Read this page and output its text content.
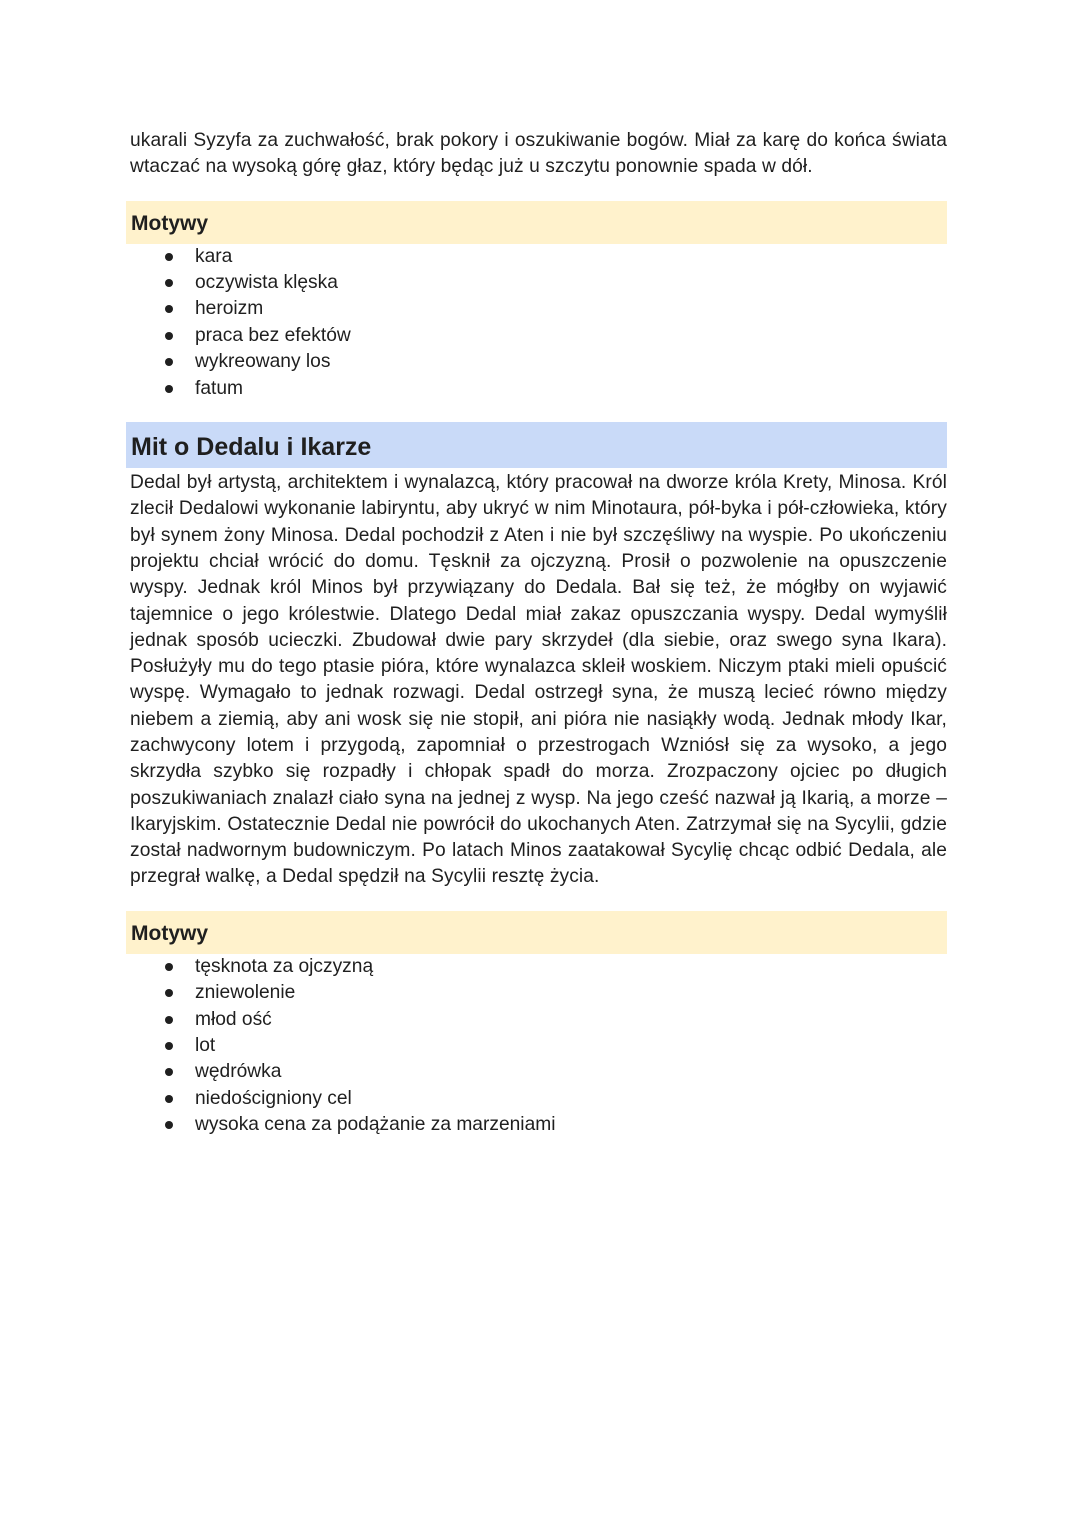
ukarali Syzyfa za zuchwałość, brak pokory i oszukiwanie bogów. Miał za karę do końca świata wtaczać na wysoką górę głaz, który będąc już u szczytu ponownie spada w dół.

Motywy
kara
oczywista klęska
heroizm
praca bez efektów
wykreowany los
fatum
Mit o Dedalu i Ikarze

Dedal był artystą, architektem i wynalazcą, który pracował na dworze króla Krety, Minosa. Król zlecił Dedalowi wykonanie labiryntu, aby ukryć w nim Minotaura, pół-byka i pół-człowieka, który był synem żony Minosa. Dedal pochodził z Aten i nie był szczęśliwy na wyspie. Po ukończeniu projektu chciał wrócić do domu. Tęsknił za ojczyzną. Prosił o pozwolenie na opuszczenie wyspy. Jednak król Minos był przywiązany do Dedala. Bał się też, że mógłby on wyjawić tajemnice o jego królestwie. Dlatego Dedal miał zakaz opuszczania wyspy. Dedal wymyślił jednak sposób ucieczki. Zbudował dwie pary skrzydeł (dla siebie, oraz swego syna Ikara). Posłużyły mu do tego ptasie pióra, które wynalazca skleił woskiem. Niczym ptaki mieli opuścić wyspę. Wymagało to jednak rozwagi. Dedal ostrzegł syna, że muszą lecieć równo między niebem a ziemią, aby ani wosk się nie stopił, ani pióra nie nasiąkły wodą. Jednak młody Ikar, zachwycony lotem i przygodą, zapomniał o przestrogach Wzniósł się za wysoko, a jego skrzydła szybko się rozpadły i chłopak spadł do morza. Zrozpaczony ojciec po długich poszukiwaniach znalazł ciało syna na jednej z wysp. Na jego cześć nazwał ją Ikarią, a morze – Ikaryjskim. Ostatecznie Dedal nie powrócił do ukochanych Aten. Zatrzymał się na Sycylii, gdzie został nadwornym budowniczym. Po latach Minos zaatakował Sycylię chcąc odbić Dedala, ale przegrał walkę, a Dedal spędził na Sycylii resztę życia.

Motywy
tęsknota za ojczyzną
zniewolenie
młod ość
lot
wędrówka
niedościgniony cel
wysoka cena za podążanie za marzeniami
